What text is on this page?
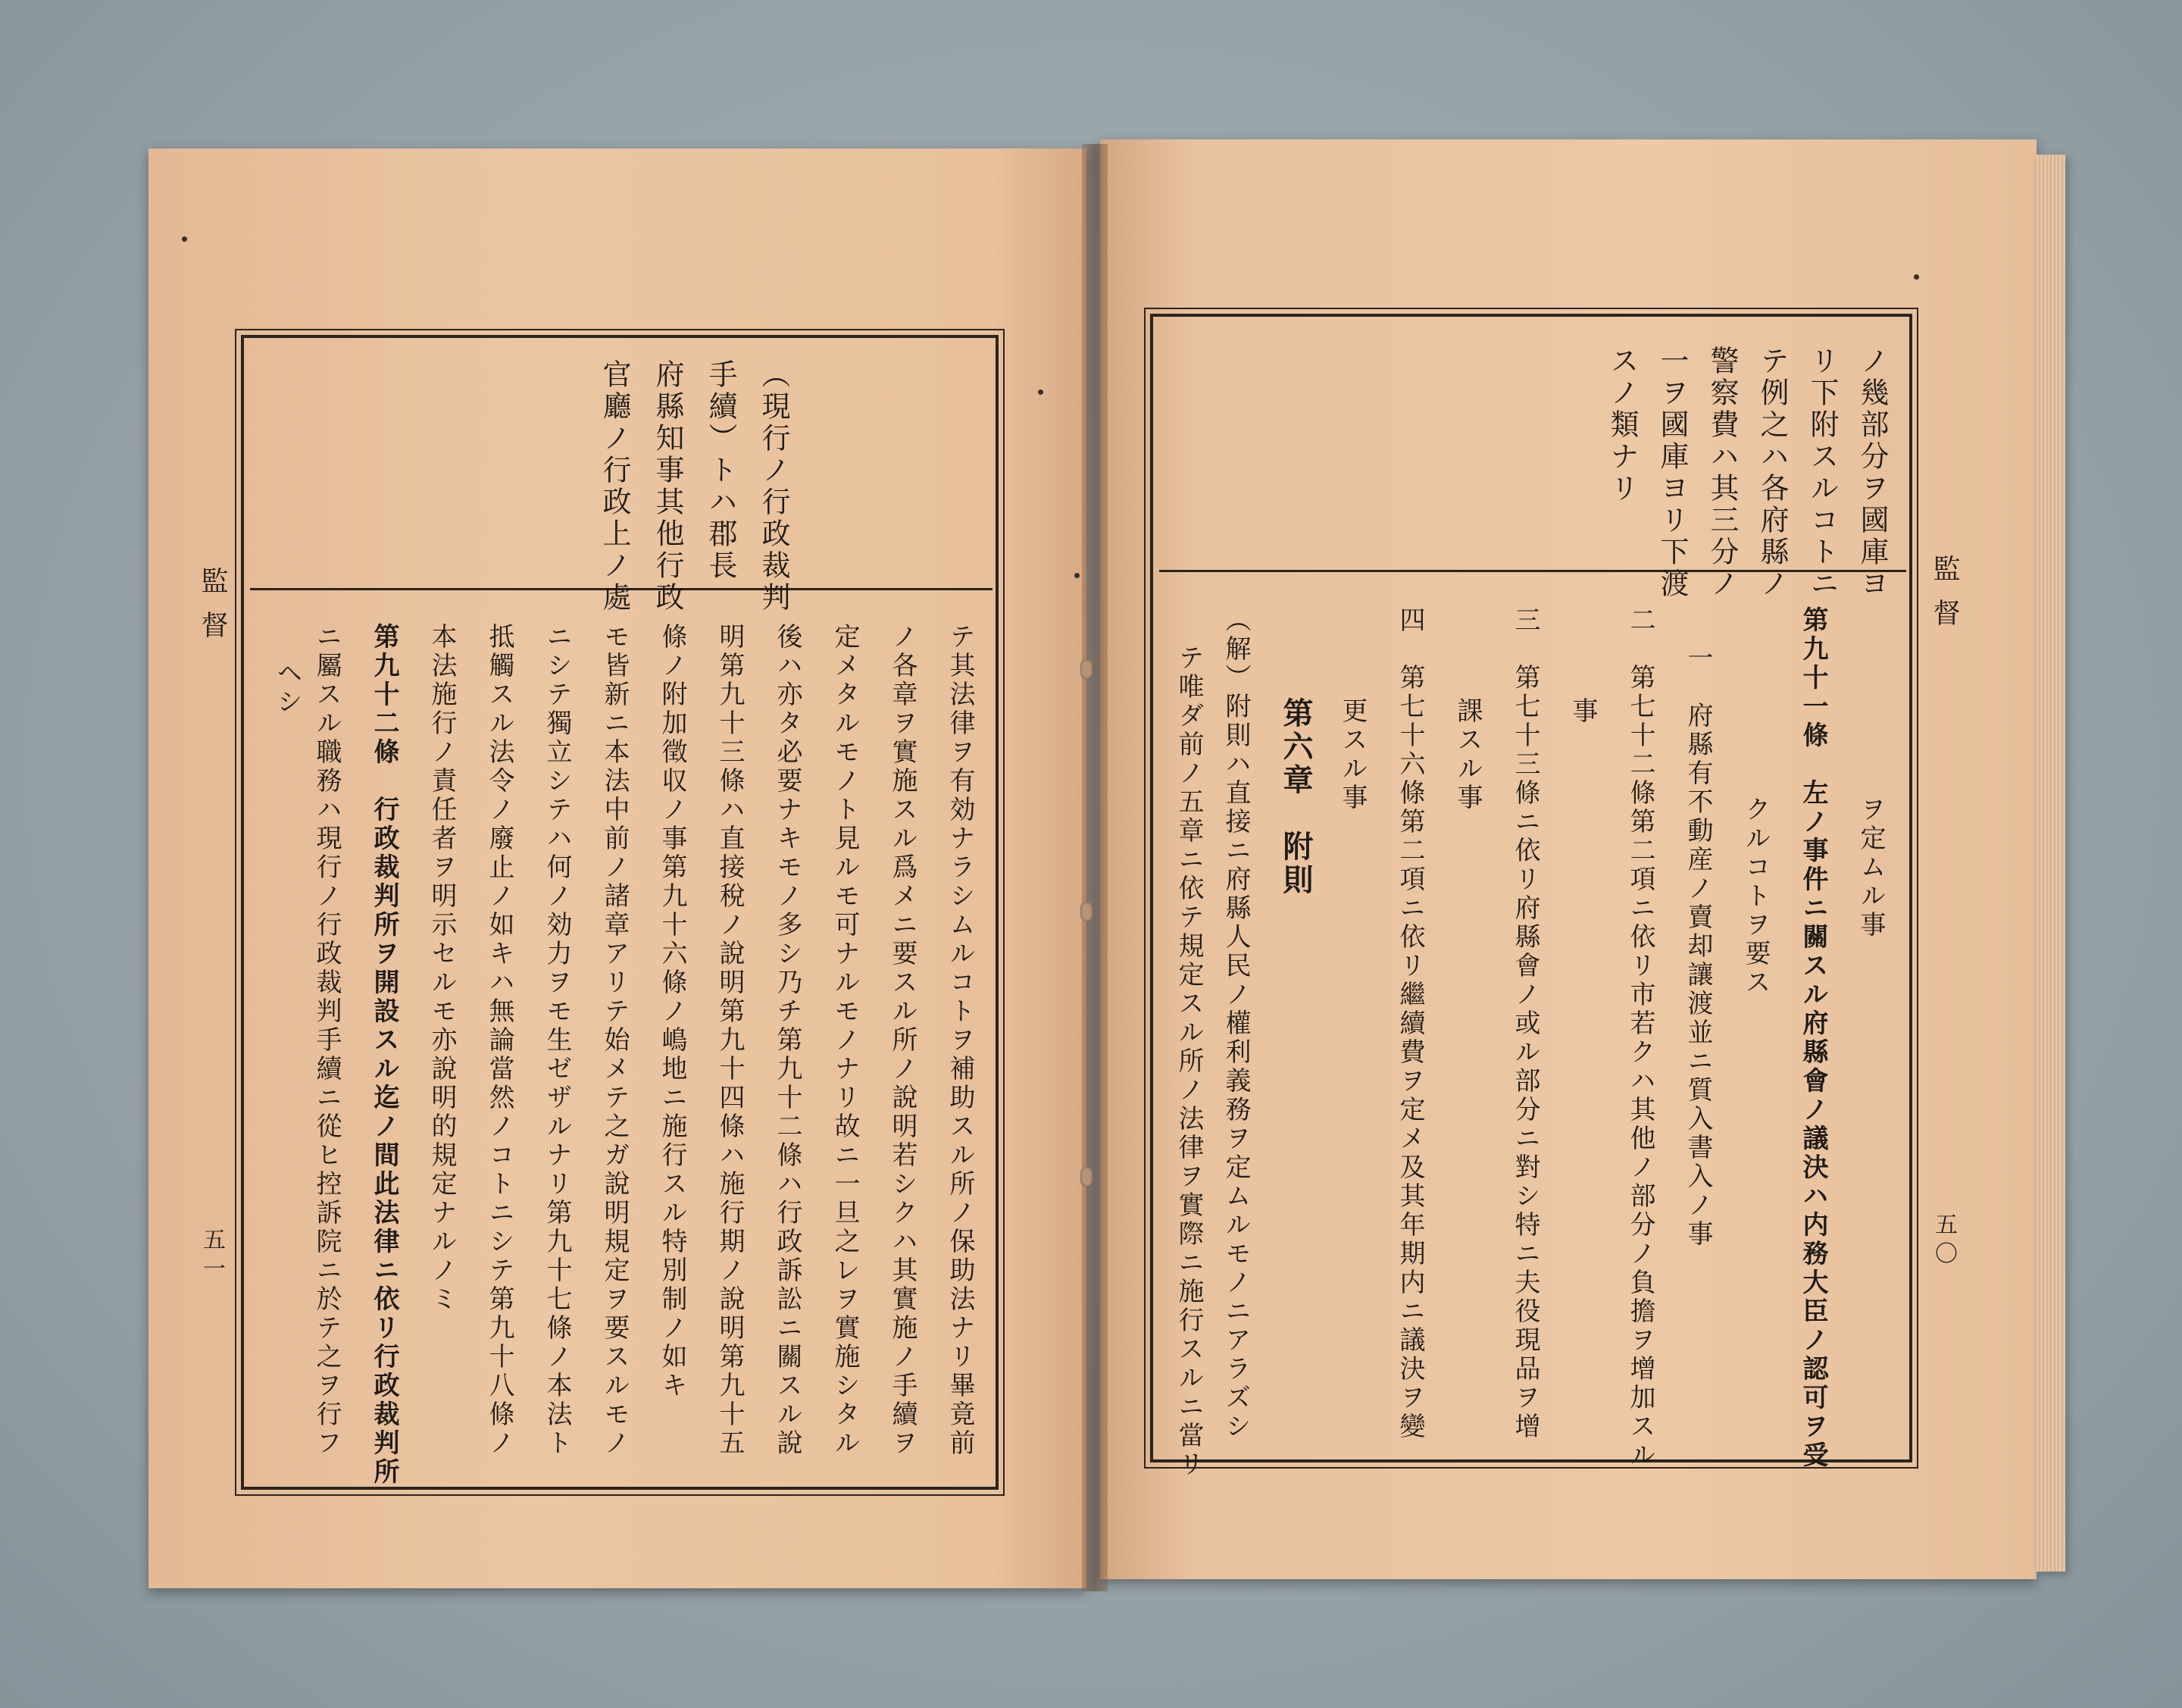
監督
五一
（現行ノ行政裁判
手續）トハ郡長
府縣知事其他行政
官廳ノ行政上ノ處
テ其法律ヲ有効ナラシムルコトヲ補助スル所ノ保助法ナリ畢竟前
ノ各章ヲ實施スル爲メニ要スル所ノ說明若シクハ其實施ノ手續ヲ
定メタルモノト見ルモ可ナルモノナリ故ニ一旦之レヲ實施シタル
後ハ亦タ必要ナキモノ多シ乃チ第九十二條ハ行政訴訟ニ關スル說
明第九十三條ハ直接稅ノ說明第九十四條ハ施行期ノ說明第九十五
條ノ附加徵収ノ事第九十六條ノ嶋地ニ施行スル特別制ノ如キ
モ皆新ニ本法中前ノ諸章アリテ始メテ之ガ說明規定ヲ要スルモノ
ニシテ獨立シテハ何ノ効力ヲモ生ゼザルナリ第九十七條ノ本法ト
抵觸スル法令ノ廢止ノ如キハ無論當然ノコトニシテ第九十八條ノ
本法施行ノ責任者ヲ明示セルモ亦說明的規定ナルノミ
第九十二條　行政裁判所ヲ開設スル迄ノ間此法律ニ依リ行政裁判所
ニ屬スル職務ハ現行ノ行政裁判手續ニ從ヒ控訴院ニ於テ之ヲ行フ
ヘシ
監督
五〇
ノ幾部分ヲ國庫ヨ
リ下附スルコトニ
テ例之ハ各府縣ノ
警察費ハ其三分ノ
一ヲ國庫ヨリ下渡
スノ類ナリ
ヲ定ムル事
第九十一條　左ノ事件ニ關スル府縣會ノ議決ハ内務大臣ノ認可ヲ受
クルコトヲ要ス
一　府縣有不動産ノ賣却讓渡並ニ質入書入ノ事
二　第七十二條第二項ニ依リ市若クハ其他ノ部分ノ負擔ヲ增加スル
事
三　第七十三條ニ依リ府縣會ノ或ル部分ニ對シ特ニ夫役現品ヲ增
課スル事
四　第七十六條第二項ニ依リ繼續費ヲ定メ及其年期内ニ議決ヲ變
更スル事
第六章　附則
（解）附則ハ直接ニ府縣人民ノ權利義務ヲ定ムルモノニアラズシ
テ唯ダ前ノ五章ニ依テ規定スル所ノ法律ヲ實際ニ施行スルニ當リ
